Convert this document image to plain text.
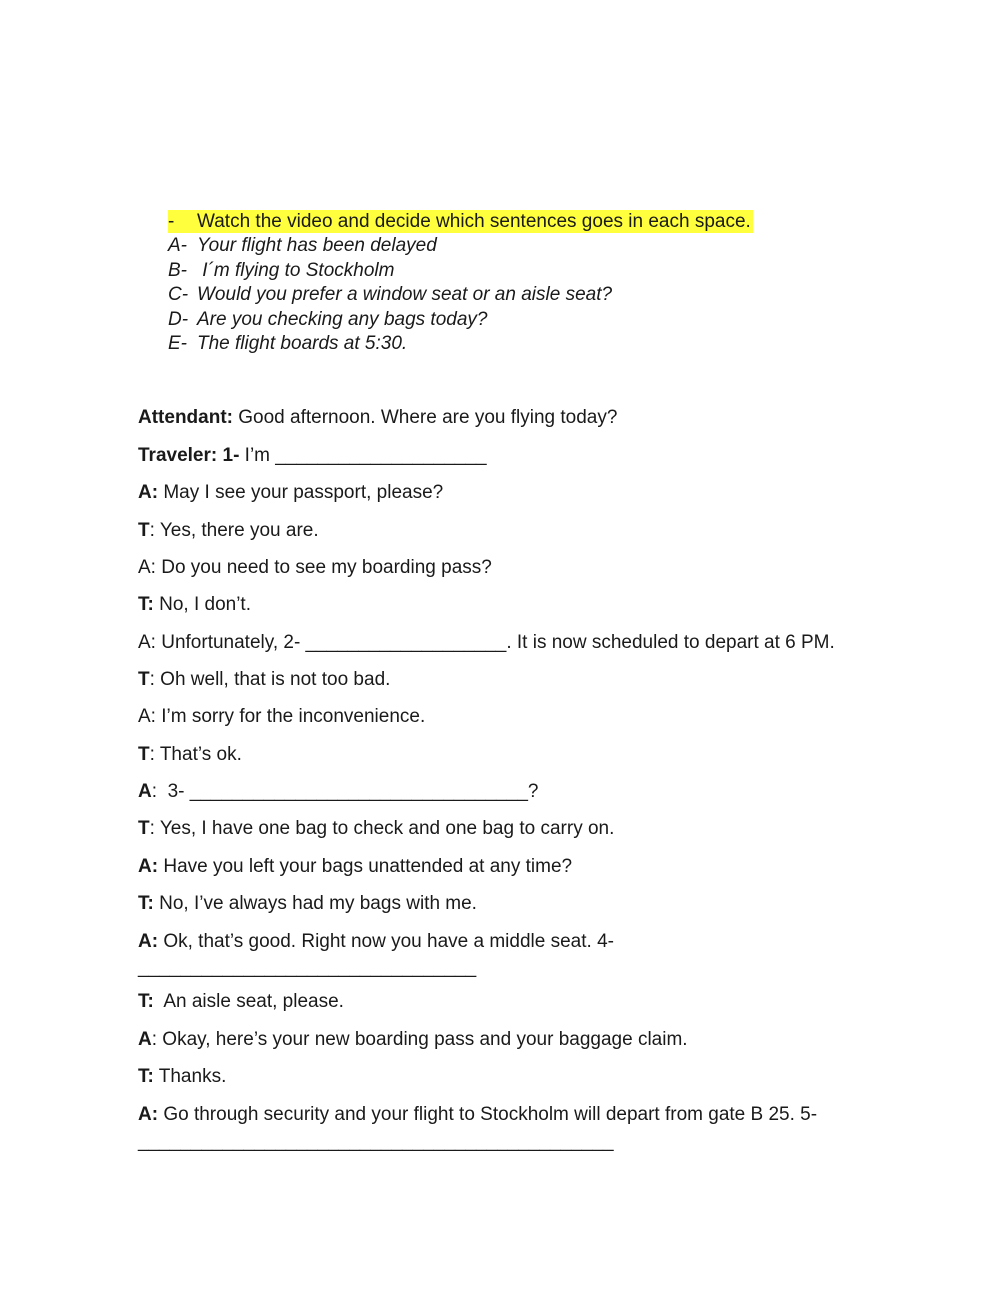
- Watch the video and decide which sentences goes in each space.
A- Your flight has been delayed
B- I´m flying to Stockholm
C- Would you prefer a window seat or an aisle seat?
D- Are you checking any bags today?
E- The flight boards at 5:30.
Attendant: Good afternoon. Where are you flying today?
Traveler: 1- I’m ____________________
A: May I see your passport, please?
T: Yes, there you are.
A: Do you need to see my boarding pass?
T: No, I don’t.
A: Unfortunately, 2- ___________________. It is now scheduled to depart at 6 PM.
T: Oh well, that is not too bad.
A: I’m sorry for the inconvenience.
T: That’s ok.
A:  3- ________________________________?
T: Yes, I have one bag to check and one bag to carry on.
A: Have you left your bags unattended at any time?
T: No, I’ve always had my bags with me.
A: Ok, that’s good. Right now you have a middle seat. 4-
________________________________
T:  An aisle seat, please.
A: Okay, here’s your new boarding pass and your baggage claim.
T: Thanks.
A: Go through security and your flight to Stockholm will depart from gate B 25. 5-
_____________________________________________
